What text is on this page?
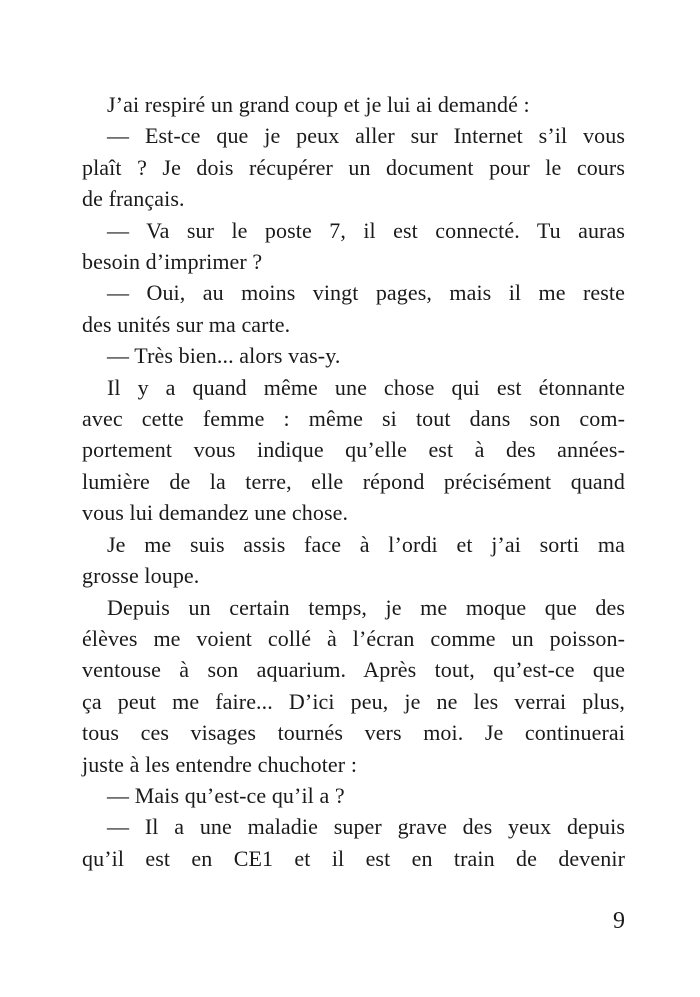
J’ai respiré un grand coup et je lui ai demandé :
— Est-ce que je peux aller sur Internet s’il vous
plaît ? Je dois récupérer un document pour le cours
de français.
— Va sur le poste 7, il est connecté. Tu auras
besoin d’imprimer ?
— Oui, au moins vingt pages, mais il me reste
des unités sur ma carte.
— Très bien... alors vas-y.
Il y a quand même une chose qui est étonnante
avec cette femme : même si tout dans son com-
portement vous indique qu’elle est à des années-
lumière de la terre, elle répond précisément quand
vous lui demandez une chose.
Je me suis assis face à l’ordi et j’ai sorti ma
grosse loupe.
Depuis un certain temps, je me moque que des
élèves me voient collé à l’écran comme un poisson-
ventouse à son aquarium. Après tout, qu’est-ce que
ça peut me faire... D’ici peu, je ne les verrai plus,
tous ces visages tournés vers moi. Je continuerai
juste à les entendre chuchoter :
— Mais qu’est-ce qu’il a ?
— Il a une maladie super grave des yeux depuis
qu’il est en CE1 et il est en train de devenir
9
